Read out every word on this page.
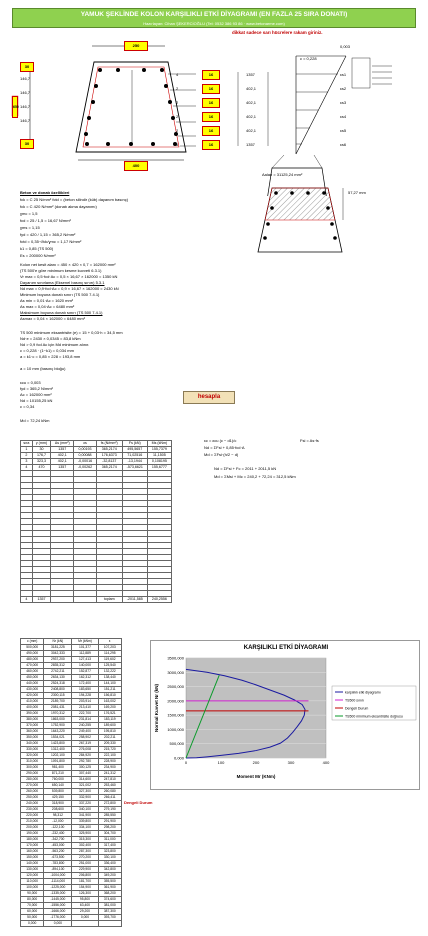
YAMUK ŞEKLİNDE KOLON KARŞILIKLI ETKİ DİYAGRAMI (EN FAZLA 25 SIRA DONATI)
Hazırlayan: Cihan ŞEKERCİOĞLU (Tel: 0532 386 93 86 · www.betonarme.com)
dikkat sadece sarı hücrelere rakam giriniz.
250
400
650
30
146,7
146,7
146,7
146,7
30
4	16	1357
2	16	402,1
2	16	402,1
2	16	402,1
2	16	402,1
5	16	1357
0,003
c = 0,228
ɛs1
ɛs2
ɛs3
ɛs4
ɛs5
ɛs6
Beton ve donatı özellikleri
fck = C 25 N/mm² fctd = (beton silindir (küb) dayanım basınç)
fck = C 420 N/mm² (donatı akma dayanımı)
ɣmc = 1,5
fcd = 25 / 1,5 = 16,67 N/mm²
ɣms = 1,15
fyd = 420 / 1,15 = 365,2 N/mm²
fctd = 0,35·√fck/ɣmc = 1,17 N/mm²
k1 = 0,85 (TS 500)
Es = 200000 N/mm²
Aalan = 31125,24 mm²
57,27 mm
Kolon net kesit alanı = 450 × 420 × 0,7 = 162000 mm²
(TS 500'e göre minimum kesme kuvveti 6.3.1)
Vr max = 0,5·fcd·Ac = 0,5 × 16,67 × 162000 = 1350 kN
Dayanım sınırlama (Eksenel basınç sınırı) 5.3.1
Nd max = 0,9·fcd·Ac = 0,9 × 16,67 × 162000 = 2430 kN
Minimum boyuna donatı sınırı (TS 500 7.4.1)
As min = 0,01·Ac = 1620 mm²
As max = 0,04·Ac = 6480 mm²
Maksimum boyuna donatı sınırı (TS 500 7.4.1)
Asmax = 0,04 × 162000 = 6480 mm²
TS 500 minimum eksantrisite (e) = 15 + 0,03·h = 34,5 mm
Nd·e = 2430 × 0,0345 = 83,8 kNm
Nd > 0,9 fcd Ac için Md minimum alınır.
c = 0,228 · (1−k1) = 0,034 mm
a = k1·c = 0,85 × 228 = 193,8 mm
a = 10 mm (basınç bloğu)
ɛcu = 0,003
fyd = 365,2 N/mm²
Ac = 162000 mm²
Nd = 10155,25 kN
c = 0,34
Md = 72,24 kNm
hesapla
ɛc = ɛcu (c − d1)/c	Fsi = As·fs
Nd = ΣFsi + 0,85·fcd·A
Md = ΣFsi·(h/2 − d)
Nd = ΣFsi + Fc = 2011 + 2011,5 kN
Md = ΣMsi + Mc = 240,2 + 72,24 = 312,5 kNm
sıra	y (mm)	As (mm²)	ɛs	fs (N/mm²)	Fs (kN)	Ms (kNm)
1	30	1357	0,00193	365,2174	495,5657	155,7379
2	176,7	402,1	0,00088	176,6373	71,02516	11,1505
3	323,3	402,1	-0,00016	-32,8137	-13,1944	0,108195
4	470	1357	-0,00262	365,2174	-573,6621	155,6777

4	1357			toplam	-2011,585	240,2556
c (mm)	Nr (kN)	Mr (kNm)	ε
500,000	3181,225	101,377	107,203
490,000	3042,333	112,889	114,295
480,000	2937,200	127,413	119,602
470,000	2835,312	140,000	125,540
460,000	2742,211	152,877	132,222
450,000	2634,130	162,312	138,440
440,000	2524,318	172,400	144,100
430,000	2408,800	183,650	151,211
420,000	2300,115	194,228	156,810
410,000	2189,700	203,914	163,002
400,000	2081,431	213,410	169,200
390,000	1970,312	222,700	176,521
380,000	1863,000	231,814	183,119
370,000	1752,900	240,255	189,600
360,000	1643,220	249,400	195,810
350,000	1534,021	258,902	202,211
340,000	1423,800	267,319	209,330
330,000	1312,400	276,008	215,720
320,000	1202,100	284,920	222,100
310,000	1091,800	292,780	228,900
300,000	981,400	300,125	234,900
290,000	871,210	307,440	241,312
280,000	760,000	314,600	247,810
270,000	650,140	321,002	253,460
260,000	539,800	327,300	260,080
250,000	429,150	332,900	266,411
240,000	318,900	337,220	272,800
230,000	208,600	340,100	279,190
220,000	98,312	341,900	285,550
210,000	-12,000	339,800	291,900
200,000	-122,100	334,100	298,200
190,000	-232,400	325,900	304,700
180,000	-342,700	315,300	311,000
170,000	-453,000	302,400	317,400
160,000	-563,200	287,300	323,800
150,000	-673,500	270,200	330,100
140,000	-783,800	251,000	336,400
130,000	-894,100	229,900	342,800
120,000	-1004,000	206,800	349,200
110,000	-1114,000	181,700	355,500
100,000	-1225,000	154,900	361,900
90,000	-1335,000	126,300	368,200
80,000	-1445,000	95,800	374,600
70,000	-1556,000	63,400	381,000
60,000	-1666,000	29,200	387,300
50,000	-1776,000	0,000	393,700
0,000	0,000		
Dengeli Durum
KARŞILIKLI ETKİ DİYAGRAMI
0,000
500,000
1000,000
1500,000
2000,000
2500,000
3000,000
3500,000
0	100	200	300	400
karşılıklı etki diyagramı
TS500 sınırı
Dengeli Durum
TS500 minimum eksantrisite doğrusu
Moment Mr (KNm)
Normal Kuvvet Nr (kN)
